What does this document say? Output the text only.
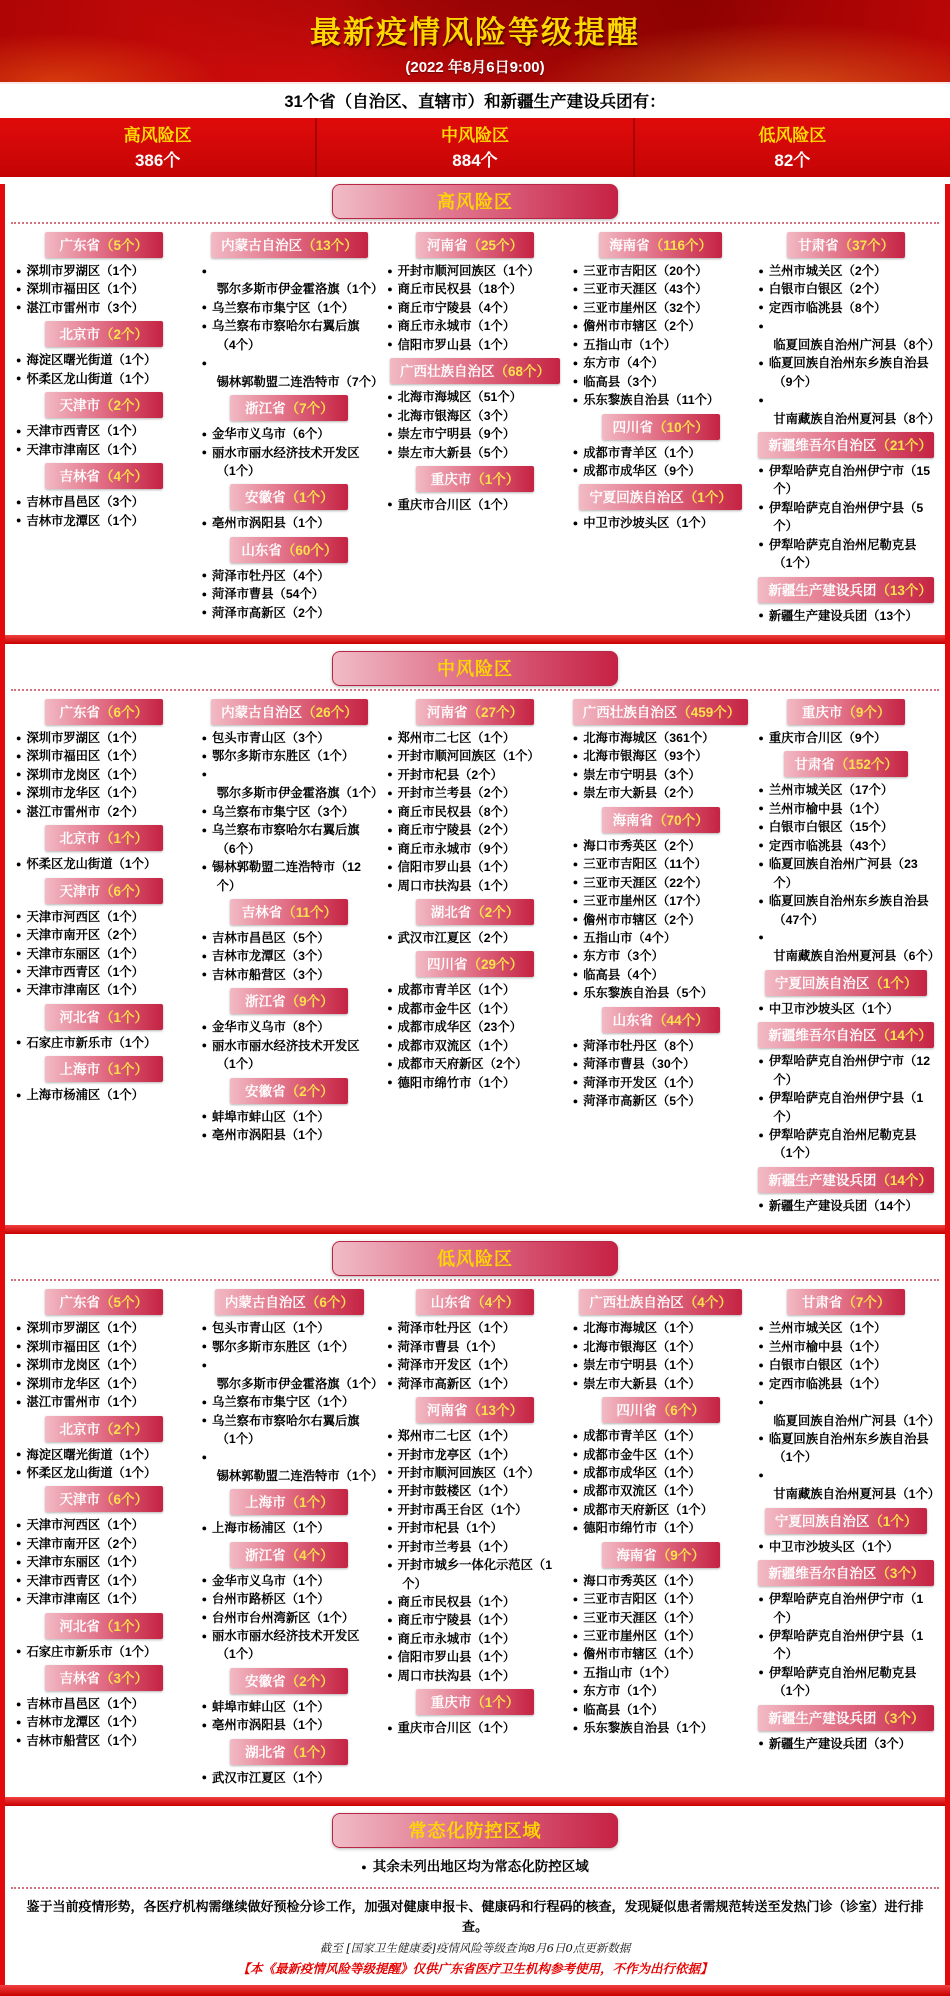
最新疫情风险等级提醒
(2022 年8月6日9:00)
31个省（自治区、直辖市）和新疆生产建设兵团有：
高风险区
386个
中风险区
884个
低风险区
82个
高风险区
广东省（5个）
● 深圳市罗湖区（1个）
● 深圳市福田区（1个）
● 湛江市雷州市（3个）
北京市（2个）
● 海淀区曙光街道（1个）
● 怀柔区龙山街道（1个）
天津市（2个）
● 天津市西青区（1个）
● 天津市津南区（1个）
吉林省（4个）
● 吉林市昌邑区（3个）
● 吉林市龙潭区（1个）
内蒙古自治区（13个）
● 鄂尔多斯市伊金霍洛旗（1个）
● 乌兰察布市集宁区（1个）
● 乌兰察布市察哈尔右翼后旗（4个）
● 锡林郭勒盟二连浩特市（7个）
浙江省（7个）
● 金华市义乌市（6个）
● 丽水市丽水经济技术开发区（1个）
安徽省（1个）
● 亳州市涡阳县（1个）
山东省（60个）
● 菏泽市牡丹区（4个）
● 菏泽市曹县（54个）
● 菏泽市高新区（2个）
河南省（25个）
● 开封市顺河回族区（1个）
● 商丘市民权县（18个）
● 商丘市宁陵县（4个）
● 商丘市永城市（1个）
● 信阳市罗山县（1个）
广西壮族自治区（68个）
● 北海市海城区（51个）
● 北海市银海区（3个）
● 崇左市宁明县（9个）
● 崇左市大新县（5个）
重庆市（1个）
● 重庆市合川区（1个）
海南省（116个）
● 三亚市吉阳区（20个）
● 三亚市天涯区（43个）
● 三亚市崖州区（32个）
● 儋州市市辖区（2个）
● 五指山市（1个）
● 东方市（4个）
● 临高县（3个）
● 乐东黎族自治县（11个）
四川省（10个）
● 成都市青羊区（1个）
● 成都市成华区（9个）
宁夏回族自治区（1个）
● 中卫市沙坡头区（1个）
甘肃省（37个）
● 兰州市城关区（2个）
● 白银市白银区（2个）
● 定西市临洮县（8个）
● 临夏回族自治州广河县（8个）
● 临夏回族自治州东乡族自治县（9个）
● 甘南藏族自治州夏河县（8个）
新疆维吾尔自治区（21个）
● 伊犁哈萨克自治州伊宁市（15个）
● 伊犁哈萨克自治州伊宁县（5个）
● 伊犁哈萨克自治州尼勒克县（1个）
新疆生产建设兵团（13个）
● 新疆生产建设兵团（13个）
中风险区
广东省（6个）
● 深圳市罗湖区（1个）
● 深圳市福田区（1个）
● 深圳市龙岗区（1个）
● 深圳市龙华区（1个）
● 湛江市雷州市（2个）
北京市（1个）
● 怀柔区龙山街道（1个）
天津市（6个）
● 天津市河西区（1个）
● 天津市南开区（2个）
● 天津市东丽区（1个）
● 天津市西青区（1个）
● 天津市津南区（1个）
河北省（1个）
● 石家庄市新乐市（1个）
上海市（1个）
● 上海市杨浦区（1个）
内蒙古自治区（26个）
● 包头市青山区（3个）
● 鄂尔多斯市东胜区（1个）
● 鄂尔多斯市伊金霍洛旗（1个）
● 乌兰察布市集宁区（3个）
● 乌兰察布市察哈尔右翼后旗（6个）
● 锡林郭勒盟二连浩特市（12个）
吉林省（11个）
● 吉林市昌邑区（5个）
● 吉林市龙潭区（3个）
● 吉林市船营区（3个）
浙江省（9个）
● 金华市义乌市（8个）
● 丽水市丽水经济技术开发区（1个）
安徽省（2个）
● 蚌埠市蚌山区（1个）
● 亳州市涡阳县（1个）
河南省（27个）
● 郑州市二七区（1个）
● 开封市顺河回族区（1个）
● 开封市杞县（2个）
● 开封市兰考县（2个）
● 商丘市民权县（8个）
● 商丘市宁陵县（2个）
● 商丘市永城市（9个）
● 信阳市罗山县（1个）
● 周口市扶沟县（1个）
湖北省（2个）
● 武汉市江夏区（2个）
四川省（29个）
● 成都市青羊区（1个）
● 成都市金牛区（1个）
● 成都市成华区（23个）
● 成都市双流区（1个）
● 成都市天府新区（2个）
● 德阳市绵竹市（1个）
广西壮族自治区（459个）
● 北海市海城区（361个）
● 北海市银海区（93个）
● 崇左市宁明县（3个）
● 崇左市大新县（2个）
海南省（70个）
● 海口市秀英区（2个）
● 三亚市吉阳区（11个）
● 三亚市天涯区（22个）
● 三亚市崖州区（17个）
● 儋州市市辖区（2个）
● 五指山市（4个）
● 东方市（3个）
● 临高县（4个）
● 乐东黎族自治县（5个）
山东省（44个）
● 菏泽市牡丹区（8个）
● 菏泽市曹县（30个）
● 菏泽市开发区（1个）
● 菏泽市高新区（5个）
重庆市（9个）
● 重庆市合川区（9个）
甘肃省（152个）
● 兰州市城关区（17个）
● 兰州市榆中县（1个）
● 白银市白银区（15个）
● 定西市临洮县（43个）
● 临夏回族自治州广河县（23个）
● 临夏回族自治州东乡族自治县（47个）
● 甘南藏族自治州夏河县（6个）
宁夏回族自治区（1个）
● 中卫市沙坡头区（1个）
新疆维吾尔自治区（14个）
● 伊犁哈萨克自治州伊宁市（12个）
● 伊犁哈萨克自治州伊宁县（1个）
● 伊犁哈萨克自治州尼勒克县（1个）
新疆生产建设兵团（14个）
● 新疆生产建设兵团（14个）
低风险区
广东省（5个）
● 深圳市罗湖区（1个）
● 深圳市福田区（1个）
● 深圳市龙岗区（1个）
● 深圳市龙华区（1个）
● 湛江市雷州市（1个）
北京市（2个）
● 海淀区曙光街道（1个）
● 怀柔区龙山街道（1个）
天津市（6个）
● 天津市河西区（1个）
● 天津市南开区（2个）
● 天津市东丽区（1个）
● 天津市西青区（1个）
● 天津市津南区（1个）
河北省（1个）
● 石家庄市新乐市（1个）
吉林省（3个）
● 吉林市昌邑区（1个）
● 吉林市龙潭区（1个）
● 吉林市船营区（1个）
内蒙古自治区（6个）
● 包头市青山区（1个）
● 鄂尔多斯市东胜区（1个）
● 鄂尔多斯市伊金霍洛旗（1个）
● 乌兰察布市集宁区（1个）
● 乌兰察布市察哈尔右翼后旗（1个）
● 锡林郭勒盟二连浩特市（1个）
上海市（1个）
● 上海市杨浦区（1个）
浙江省（4个）
● 金华市义乌市（1个）
● 台州市路桥区（1个）
● 台州市台州湾新区（1个）
● 丽水市丽水经济技术开发区（1个）
安徽省（2个）
● 蚌埠市蚌山区（1个）
● 亳州市涡阳县（1个）
湖北省（1个）
● 武汉市江夏区（1个）
山东省（4个）
● 菏泽市牡丹区（1个）
● 菏泽市曹县（1个）
● 菏泽市开发区（1个）
● 菏泽市高新区（1个）
河南省（13个）
● 郑州市二七区（1个）
● 开封市龙亭区（1个）
● 开封市顺河回族区（1个）
● 开封市鼓楼区（1个）
● 开封市禹王台区（1个）
● 开封市杞县（1个）
● 开封市兰考县（1个）
● 开封市城乡一体化示范区（1个）
● 商丘市民权县（1个）
● 商丘市宁陵县（1个）
● 商丘市永城市（1个）
● 信阳市罗山县（1个）
● 周口市扶沟县（1个）
重庆市（1个）
● 重庆市合川区（1个）
广西壮族自治区（4个）
● 北海市海城区（1个）
● 北海市银海区（1个）
● 崇左市宁明县（1个）
● 崇左市大新县（1个）
四川省（6个）
● 成都市青羊区（1个）
● 成都市金牛区（1个）
● 成都市成华区（1个）
● 成都市双流区（1个）
● 成都市天府新区（1个）
● 德阳市绵竹市（1个）
海南省（9个）
● 海口市秀英区（1个）
● 三亚市吉阳区（1个）
● 三亚市天涯区（1个）
● 三亚市崖州区（1个）
● 儋州市市辖区（1个）
● 五指山市（1个）
● 东方市（1个）
● 临高县（1个）
● 乐东黎族自治县（1个）
甘肃省（7个）
● 兰州市城关区（1个）
● 兰州市榆中县（1个）
● 白银市白银区（1个）
● 定西市临洮县（1个）
● 临夏回族自治州广河县（1个）
● 临夏回族自治州东乡族自治县（1个）
● 甘南藏族自治州夏河县（1个）
宁夏回族自治区（1个）
● 中卫市沙坡头区（1个）
新疆维吾尔自治区（3个）
● 伊犁哈萨克自治州伊宁市（1个）
● 伊犁哈萨克自治州伊宁县（1个）
● 伊犁哈萨克自治州尼勒克县（1个）
新疆生产建设兵团（3个）
● 新疆生产建设兵团（3个）
常态化防控区域
● 其余未列出地区均为常态化防控区域
鉴于当前疫情形势，各医疗机构需继续做好预检分诊工作，加强对健康申报卡、健康码和行程码的核查，发现疑似患者需规范转送至发热门诊（诊室）进行排查。
截至 [国家卫生健康委]疫情风险等级查询8月6日0点更新数据
【本《最新疫情风险等级提醒》仅供广东省医疗卫生机构参考使用，不作为出行依据】
